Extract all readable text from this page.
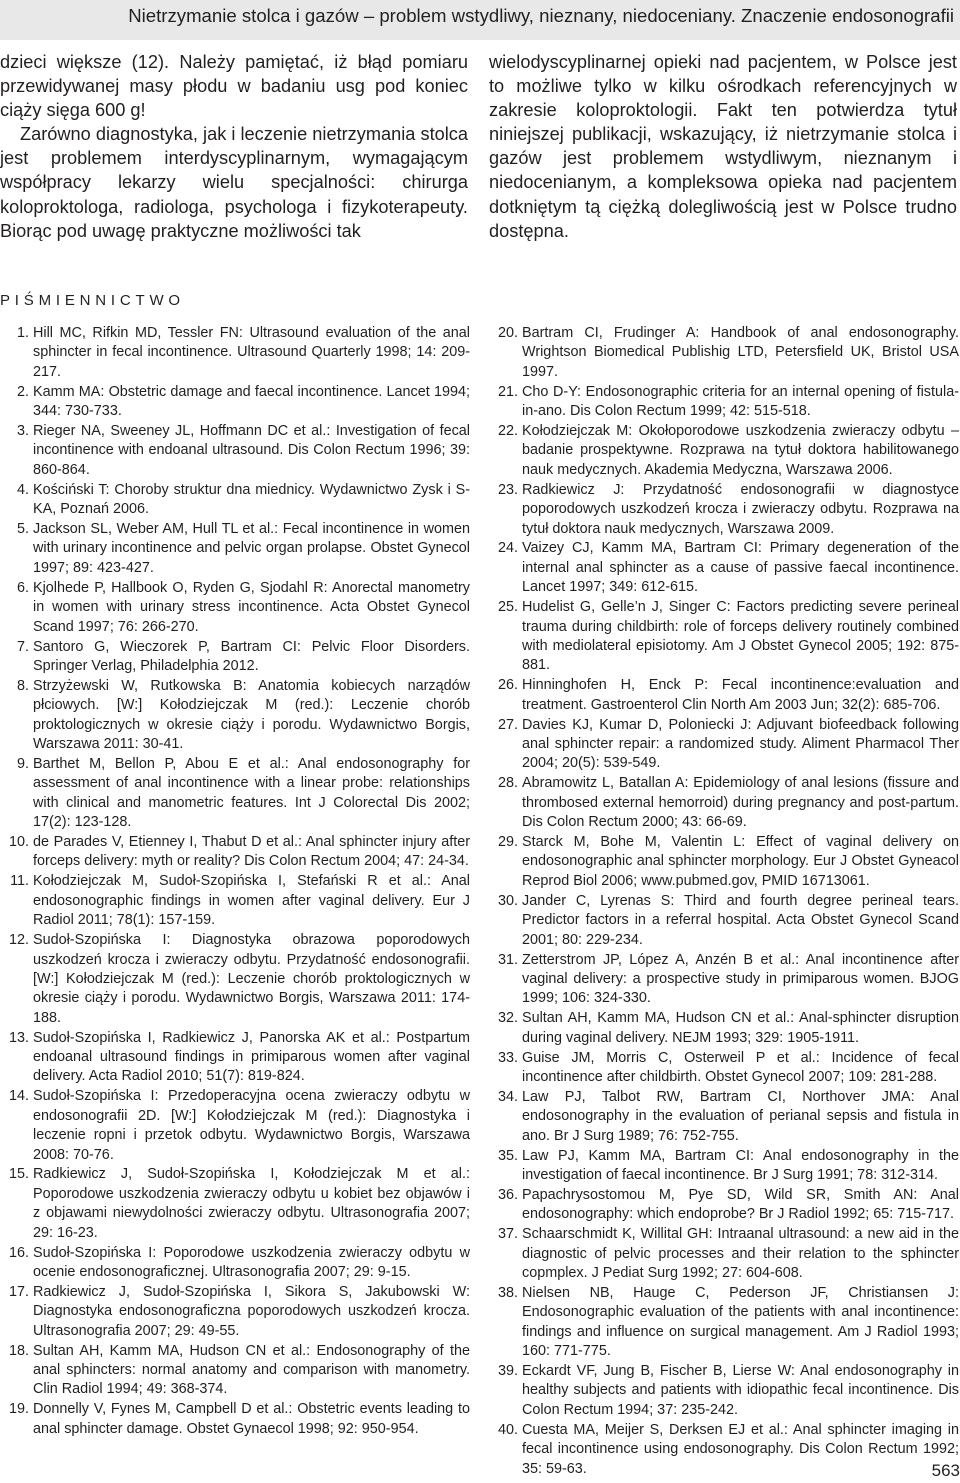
Nietrzymanie stolca i gazów – problem wstydliwy, nieznany, niedoceniany. Znaczenie endosonografii

dzieci większe (12). Należy pamiętać, iż błąd pomiaru przewidywanej masy płodu w badaniu usg pod koniec ciąży sięga 600 g!

Zarówno diagnostyka, jak i leczenie nietrzymania stolca jest problemem interdyscyplinarnym, wymagającym współpracy lekarzy wielu specjalności: chirurga koloproktologa, radiologa, psychologa i fizykoterapeuty. Biorąc pod uwagę praktyczne możliwości tak

wielodyscyplinarnej opieki nad pacjentem, w Polsce jest to możliwe tylko w kilku ośrodkach referencyjnych w zakresie koloproktologii. Fakt ten potwierdza tytuł niniejszej publikacji, wskazujący, iż nietrzymanie stolca i gazów jest problemem wstydliwym, nieznanym i niedocenianym, a kompleksowa opieka nad pacjentem dotkniętym tą ciężką dolegliwością jest w Polsce trudno dostępna.

PIŚMIENNICTWO
1. Hill MC, Rifkin MD, Tessler FN: Ultrasound evaluation of the anal sphincter in fecal incontinence. Ultrasound Quarterly 1998; 14: 209-217.
2. Kamm MA: Obstetric damage and faecal incontinence. Lancet 1994; 344: 730-733.
3. Rieger NA, Sweeney JL, Hoffmann DC et al.: Investigation of fecal incontinence with endoanal ultrasound. Dis Colon Rectum 1996; 39: 860-864.
4. Kościński T: Choroby struktur dna miednicy. Wydawnictwo Zysk i S-KA, Poznań 2006.
5. Jackson SL, Weber AM, Hull TL et al.: Fecal incontinence in women with urinary incontinence and pelvic organ prolapse. Obstet Gynecol 1997; 89: 423-427.
6. Kjolhede P, Hallbook O, Ryden G, Sjodahl R: Anorectal manometry in women with urinary stress incontinence. Acta Obstet Gynecol Scand 1997; 76: 266-270.
7. Santoro G, Wieczorek P, Bartram CI: Pelvic Floor Disorders. Springer Verlag, Philadelphia 2012.
8. Strzyżewski W, Rutkowska B: Anatomia kobiecych narządów płciowych. [W:] Kołodziejczak M (red.): Leczenie chorób proktologicznych w okresie ciąży i porodu. Wydawnictwo Borgis, Warszawa 2011: 30-41.
9. Barthet M, Bellon P, Abou E et al.: Anal endosonography for assessment of anal incontinence with a linear probe: relationships with clinical and manometric features. Int J Colorectal Dis 2002; 17(2): 123-128.
10. de Parades V, Etienney I, Thabut D et al.: Anal sphincter injury after forceps delivery: myth or reality? Dis Colon Rectum 2004; 47: 24-34.
11. Kołodziejczak M, Sudoł-Szopińska I, Stefański R et al.: Anal endosonographic findings in women after vaginal delivery. Eur J Radiol 2011; 78(1): 157-159.
12. Sudoł-Szopińska I: Diagnostyka obrazowa poporodowych uszkodzeń krocza i zwieraczy odbytu. Przydatność endosonografii. [W:] Kołodziejczak M (red.): Leczenie chorób proktologicznych w okresie ciąży i porodu. Wydawnictwo Borgis, Warszawa 2011: 174-188.
13. Sudoł-Szopińska I, Radkiewicz J, Panorska AK et al.: Postpartum endoanal ultrasound findings in primiparous women after vaginal delivery. Acta Radiol 2010; 51(7): 819-824.
14. Sudoł-Szopińska I: Przedoperacyjna ocena zwieraczy odbytu w endosonografii 2D. [W:] Kołodziejczak M (red.): Diagnostyka i leczenie ropni i przetok odbytu. Wydawnictwo Borgis, Warszawa 2008: 70-76.
15. Radkiewicz J, Sudoł-Szopińska I, Kołodziejczak M et al.: Poporodowe uszkodzenia zwieraczy odbytu u kobiet bez objawów i z objawami niewydolności zwieraczy odbytu. Ultrasonografia 2007; 29: 16-23.
16. Sudoł-Szopińska I: Poporodowe uszkodzenia zwieraczy odbytu w ocenie endosonograficznej. Ultrasonografia 2007; 29: 9-15.
17. Radkiewicz J, Sudoł-Szopińska I, Sikora S, Jakubowski W: Diagnostyka endosonograficzna poporodowych uszkodzeń krocza. Ultrasonografia 2007; 29: 49-55.
18. Sultan AH, Kamm MA, Hudson CN et al.: Endosonography of the anal sphincters: normal anatomy and comparison with manometry. Clin Radiol 1994; 49: 368-374.
19. Donnelly V, Fynes M, Campbell D et al.: Obstetric events leading to anal sphincter damage. Obstet Gynaecol 1998; 92: 950-954.
20. Bartram CI, Frudinger A: Handbook of anal endosonography. Wrightson Biomedical Publishig LTD, Petersfield UK, Bristol USA 1997.
21. Cho D-Y: Endosonographic criteria for an internal opening of fistula-in-ano. Dis Colon Rectum 1999; 42: 515-518.
22. Kołodziejczak M: Okołoporodowe uszkodzenia zwieraczy odbytu – badanie prospektywne. Rozprawa na tytuł doktora habilitowanego nauk medycznych. Akademia Medyczna, Warszawa 2006.
23. Radkiewicz J: Przydatność endosonografii w diagnostyce poporodowych uszkodzeń krocza i zwieraczy odbytu. Rozprawa na tytuł doktora nauk medycznych, Warszawa 2009.
24. Vaizey CJ, Kamm MA, Bartram CI: Primary degeneration of the internal anal sphincter as a cause of passive faecal incontinence. Lancet 1997; 349: 612-615.
25. Hudelist G, Gelle’n J, Singer C: Factors predicting severe perineal trauma during childbirth: role of forceps delivery routinely combined with mediolateral episiotomy. Am J Obstet Gynecol 2005; 192: 875-881.
26. Hinninghofen H, Enck P: Fecal incontinence:evaluation and treatment. Gastroenterol Clin North Am 2003 Jun; 32(2): 685-706.
27. Davies KJ, Kumar D, Poloniecki J: Adjuvant biofeedback following anal sphincter repair: a randomized study. Aliment Pharmacol Ther 2004; 20(5): 539-549.
28. Abramowitz L, Batallan A: Epidemiology of anal lesions (fissure and thrombosed external hemorroid) during pregnancy and post-partum. Dis Colon Rectum 2000; 43: 66-69.
29. Starck M, Bohe M, Valentin L: Effect of vaginal delivery on endosonographic anal sphincter morphology. Eur J Obstet Gyneacol Reprod Biol 2006; www.pubmed.gov, PMID 16713061.
30. Jander C, Lyrenas S: Third and fourth degree perineal tears. Predictor factors in a referral hospital. Acta Obstet Gynecol Scand 2001; 80: 229-234.
31. Zetterstrom JP, López A, Anzén B et al.: Anal incontinence after vaginal delivery: a prospective study in primiparous women. BJOG 1999; 106: 324-330.
32. Sultan AH, Kamm MA, Hudson CN et al.: Anal-sphincter disruption during vaginal delivery. NEJM 1993; 329: 1905-1911.
33. Guise JM, Morris C, Osterweil P et al.: Incidence of fecal incontinence after childbirth. Obstet Gynecol 2007; 109: 281-288.
34. Law PJ, Talbot RW, Bartram CI, Northover JMA: Anal endosonography in the evaluation of perianal sepsis and fistula in ano. Br J Surg 1989; 76: 752-755.
35. Law PJ, Kamm MA, Bartram CI: Anal endosonography in the investigation of faecal incontinence. Br J Surg 1991; 78: 312-314.
36. Papachrysostomou M, Pye SD, Wild SR, Smith AN: Anal endosonography: which endoprobe? Br J Radiol 1992; 65: 715-717.
37. Schaarschmidt K, Willital GH: Intraanal ultrasound: a new aid in the diagnostic of pelvic processes and their relation to the sphincter copmplex. J Pediat Surg 1992; 27: 604-608.
38. Nielsen NB, Hauge C, Pederson JF, Christiansen J: Endosonographic evaluation of the patients with anal incontinence: findings and influence on surgical management. Am J Radiol 1993; 160: 771-775.
39. Eckardt VF, Jung B, Fischer B, Lierse W: Anal endosonography in healthy subjects and patients with idiopathic fecal incontinence. Dis Colon Rectum 1994; 37: 235-242.
40. Cuesta MA, Meijer S, Derksen EJ et al.: Anal sphincter imaging in fecal incontinence using endosonography. Dis Colon Rectum 1992; 35: 59-63.	563
